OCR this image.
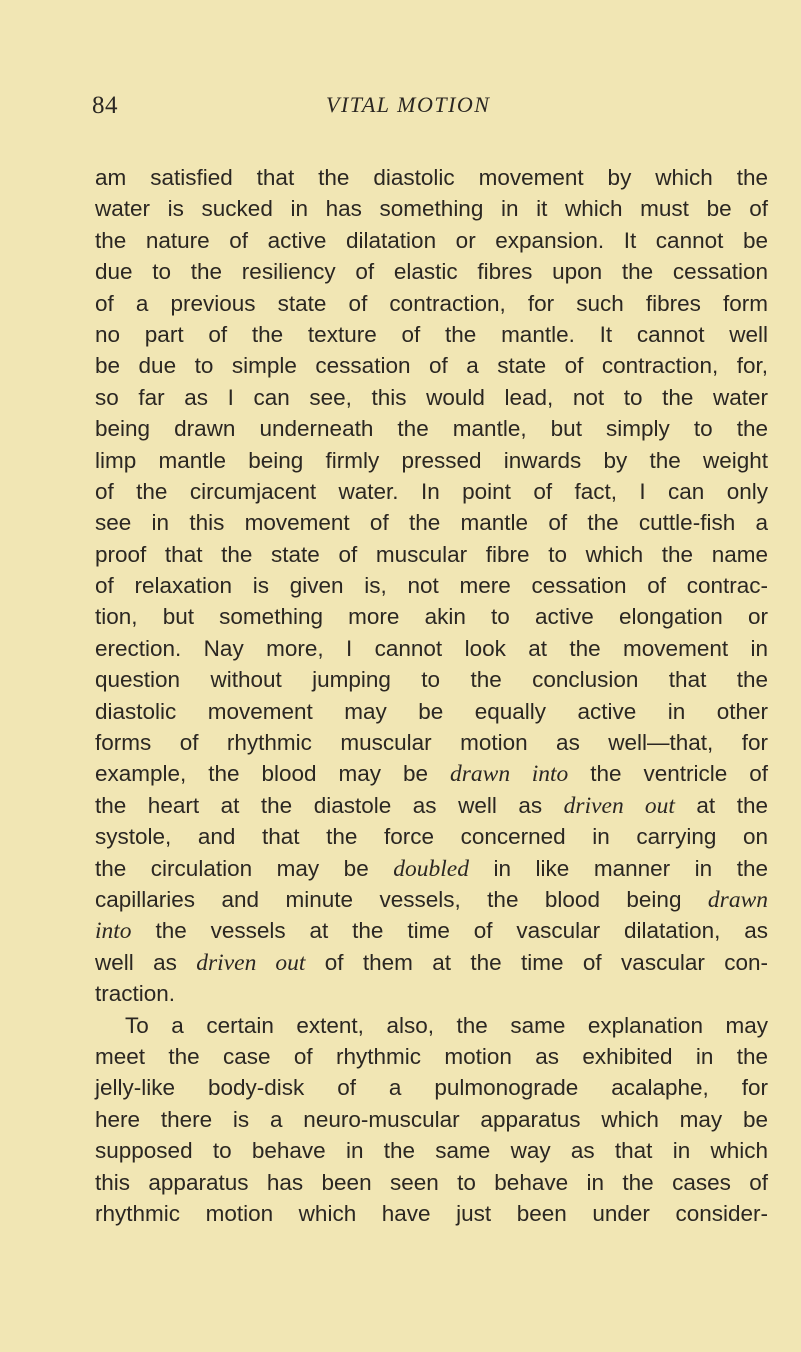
84	VITAL MOTION
am satisfied that the diastolic movement by which the
water is sucked in has something in it which must be of
the nature of active dilatation or expansion. It cannot be
due to the resiliency of elastic fibres upon the cessation
of a previous state of contraction, for such fibres form
no part of the texture of the mantle. It cannot well
be due to simple cessation of a state of contraction, for,
so far as I can see, this would lead, not to the water
being drawn underneath the mantle, but simply to the
limp mantle being firmly pressed inwards by the weight
of the circumjacent water. In point of fact, I can only
see in this movement of the mantle of the cuttle-fish a
proof that the state of muscular fibre to which the name
of relaxation is given is, not mere cessation of contrac-
tion, but something more akin to active elongation or
erection. Nay more, I cannot look at the movement in
question without jumping to the conclusion that the
diastolic movement may be equally active in other
forms of rhythmic muscular motion as well—that, for
example, the blood may be drawn into the ventricle of
the heart at the diastole as well as driven out at the
systole, and that the force concerned in carrying on
the circulation may be doubled in like manner in the
capillaries and minute vessels, the blood being drawn
into the vessels at the time of vascular dilatation, as
well as driven out of them at the time of vascular con-
traction.
To a certain extent, also, the same explanation may
meet the case of rhythmic motion as exhibited in the
jelly-like body-disk of a pulmonograde acalaphe, for
here there is a neuro-muscular apparatus which may be
supposed to behave in the same way as that in which
this apparatus has been seen to behave in the cases of
rhythmic motion which have just been under consider-
